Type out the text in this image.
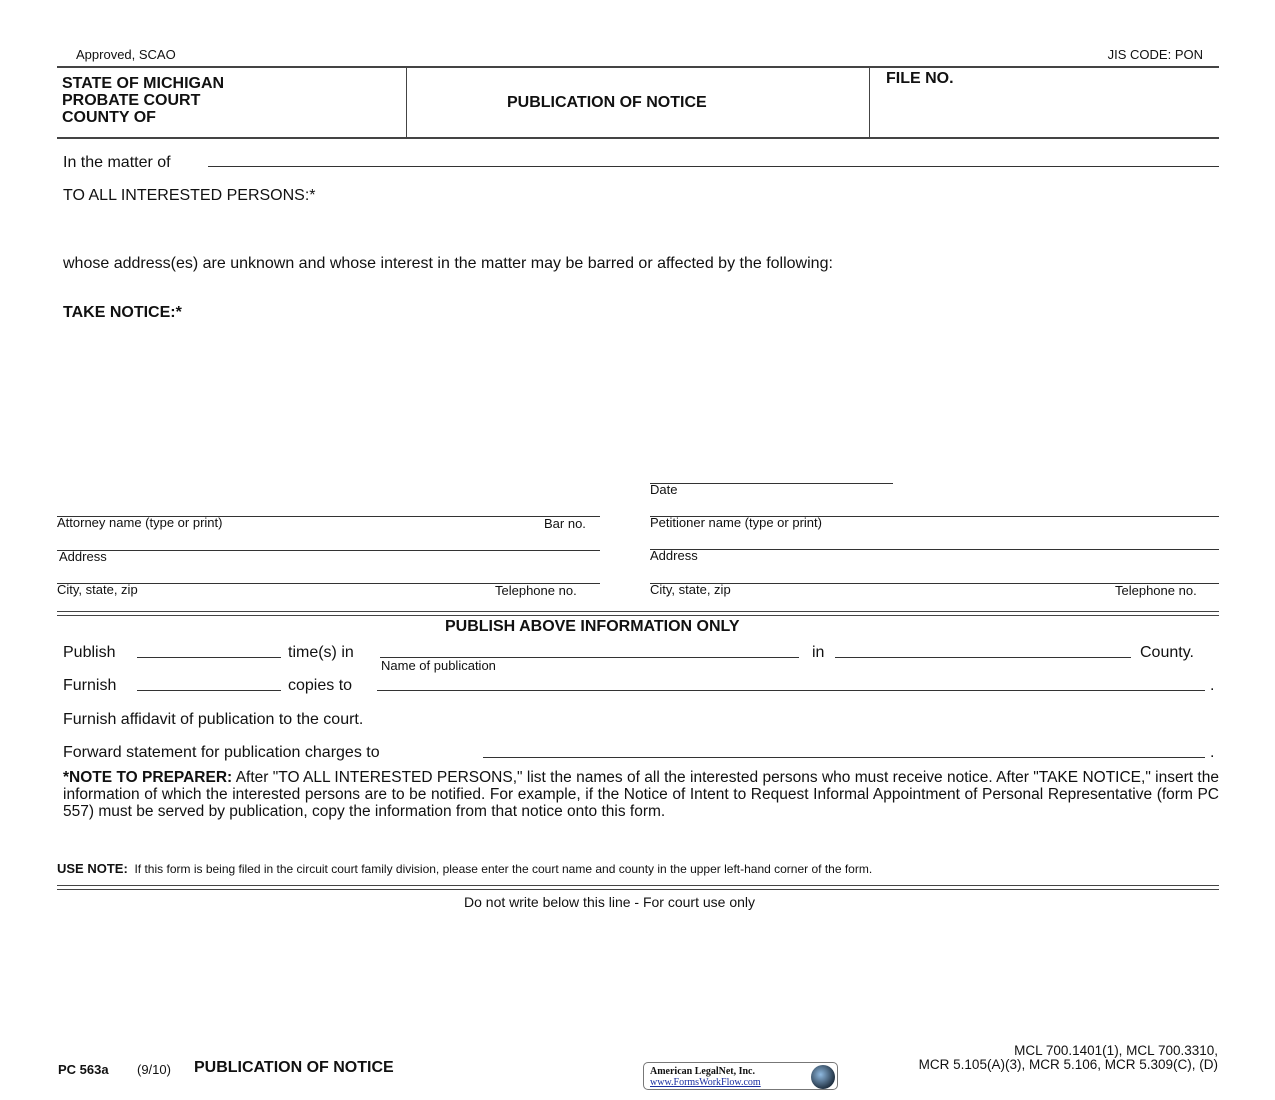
Approved, SCAO	JIS CODE: PON
STATE OF MICHIGAN
PROBATE COURT
COUNTY OF
PUBLICATION OF NOTICE
FILE NO.
In the matter of
TO ALL INTERESTED PERSONS:*
whose address(es) are unknown and whose interest in the matter may be barred or affected by the following:
TAKE NOTICE:*
Date
Attorney name (type or print)	Bar no.
Address
City, state, zip	Telephone no.
Petitioner name (type or print)
Address
City, state, zip	Telephone no.
PUBLISH ABOVE INFORMATION ONLY
Publish	time(s) in
Name of publication
in	County.
Furnish	copies to	.
Furnish affidavit of publication to the court.
Forward statement for publication charges to	.
*NOTE TO PREPARER: After "TO ALL INTERESTED PERSONS," list the names of all the interested persons who must receive notice. After "TAKE NOTICE," insert the information of which the interested persons are to be notified. For example, if the Notice of Intent to Request Informal Appointment of Personal Representative (form PC 557) must be served by publication, copy the information from that notice onto this form.
USE NOTE: If this form is being filed in the circuit court family division, please enter the court name and county in the upper left-hand corner of the form.
Do not write below this line - For court use only
PC 563a (9/10) PUBLICATION OF NOTICE	American LegalNet, Inc.
www.FormsWorkFlow.com
MCL 700.1401(1), MCL 700.3310,
MCR 5.105(A)(3), MCR 5.106, MCR 5.309(C), (D)
